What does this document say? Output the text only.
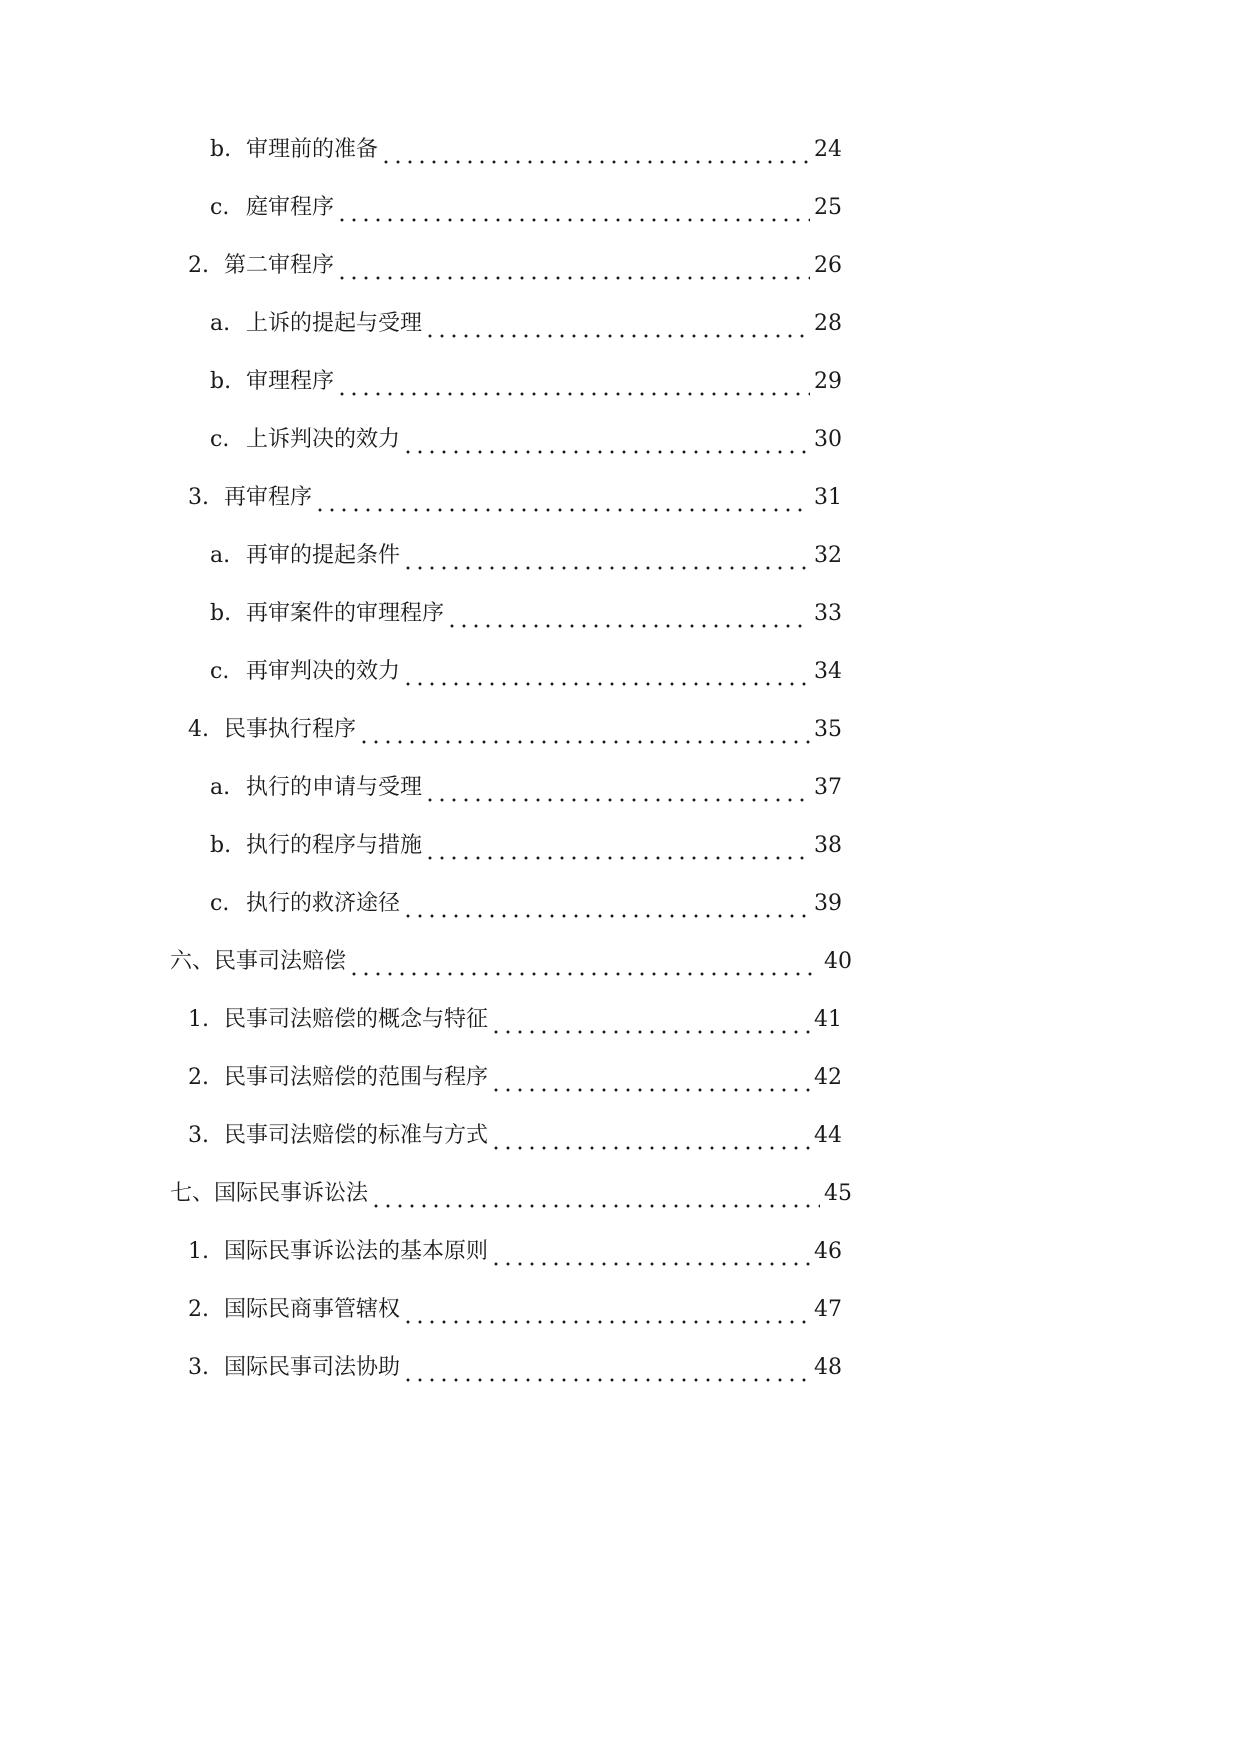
b. 审理前的准备	24
c. 庭审程序	25
2. 第二审程序	26
a. 上诉的提起与受理	28
b. 审理程序	29
c. 上诉判决的效力	30
3. 再审程序	31
a. 再审的提起条件	32
b. 再审案件的审理程序	33
c. 再审判决的效力	34
4. 民事执行程序	35
a. 执行的申请与受理	37
b. 执行的程序与措施	38
c. 执行的救济途径	39
六、民事司法赔偿	40
1. 民事司法赔偿的概念与特征	41
2. 民事司法赔偿的范围与程序	42
3. 民事司法赔偿的标准与方式	44
七、国际民事诉讼法	45
1. 国际民事诉讼法的基本原则	46
2. 国际民商事管辖权	47
3. 国际民事司法协助	48
